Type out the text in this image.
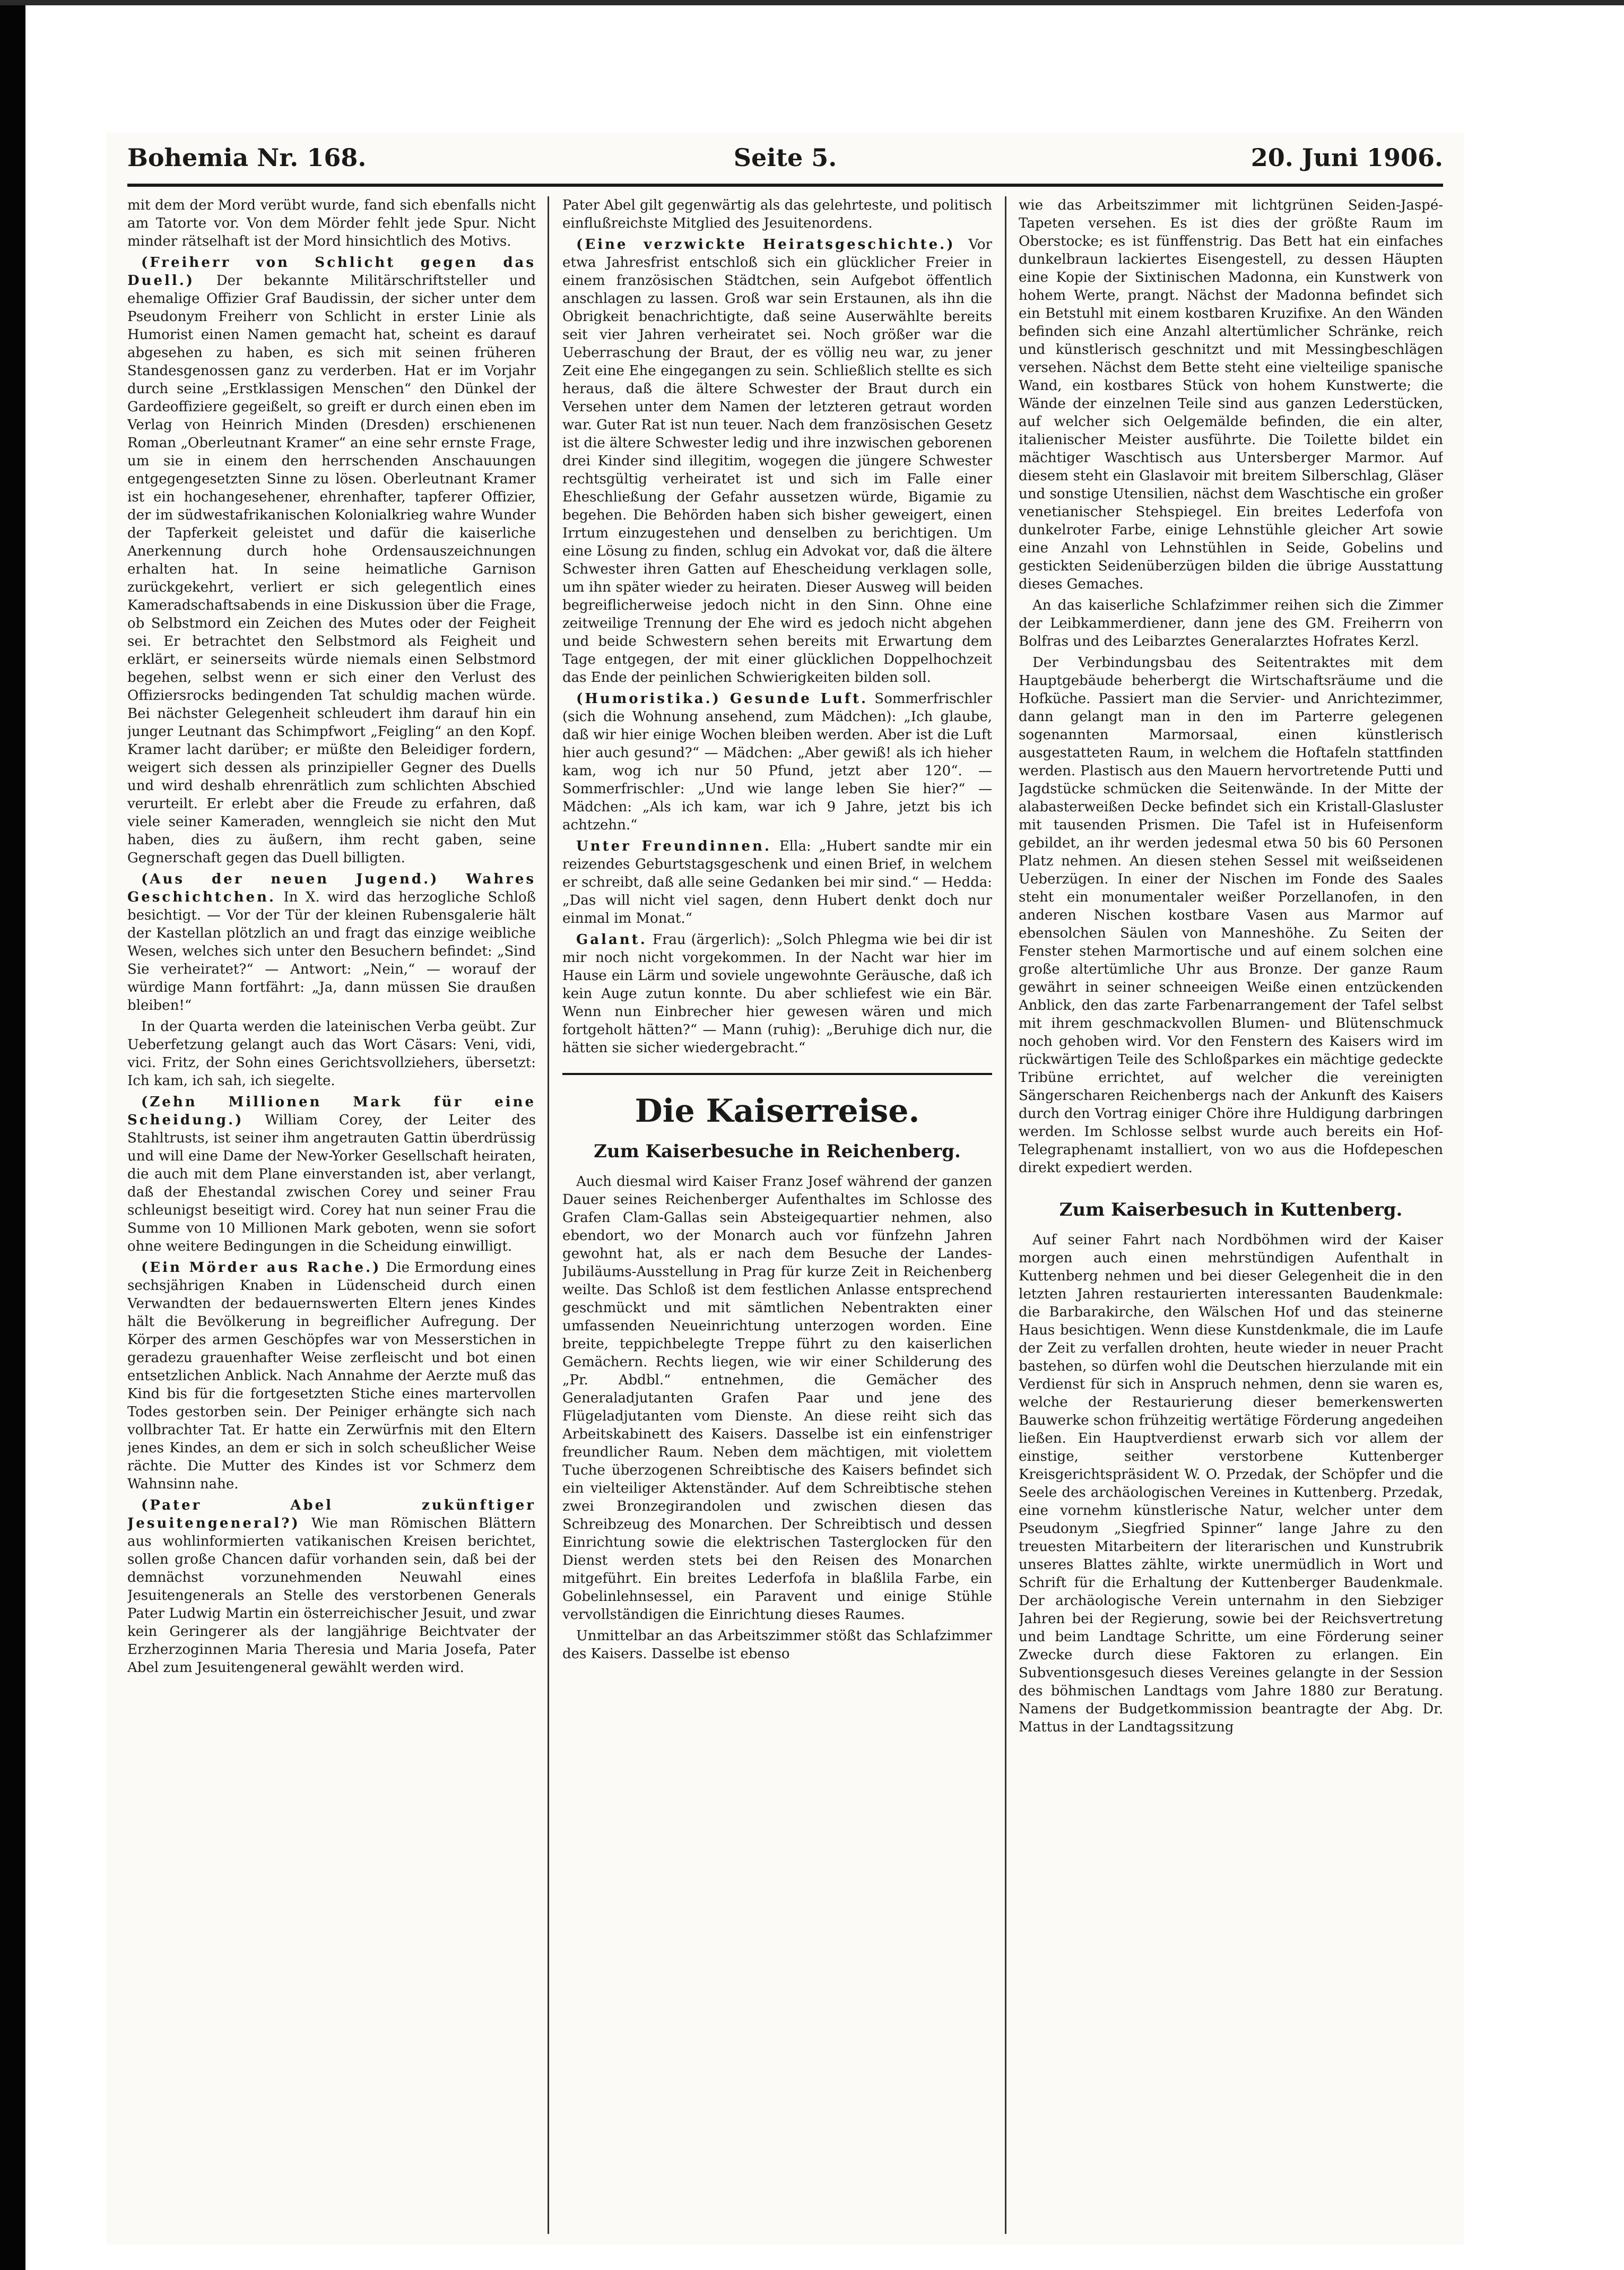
Bohemia Nr. 168.	Seite 5.	20. Juni 1906.

mit dem der Mord verübt wurde, fand sich ebenfalls nicht am Tatorte vor. Von dem Mörder fehlt jede Spur. Nicht minder rätselhaft ist der Mord hinsichtlich des Motivs.

(Freiherr von Schlicht gegen das Duell.) Der bekannte Militärschriftsteller und ehemalige Offizier Graf Baudissin, der sicher unter dem Pseudonym Freiherr von Schlicht in erster Linie als Humorist einen Namen gemacht hat, scheint es darauf abgesehen zu haben, es sich mit seinen früheren Standesgenossen ganz zu verderben. Hat er im Vorjahr durch seine „Erstklassigen Menschen“ den Dünkel der Gardeoffiziere gegeißelt, so greift er durch einen eben im Verlag von Heinrich Minden (Dresden) erschienenen Roman „Oberleutnant Kramer“ an eine sehr ernste Frage, um sie in einem den herrschenden Anschauungen entgegengesetzten Sinne zu lösen. Oberleutnant Kramer ist ein hochangesehener, ehrenhafter, tapferer Offizier, der im südwestafrikanischen Kolonialkrieg wahre Wunder der Tapferkeit geleistet und dafür die kaiserliche Anerkennung durch hohe Ordensauszeichnungen erhalten hat. In seine heimatliche Garnison zurückgekehrt, verliert er sich gelegentlich eines Kameradschaftsabends in eine Diskussion über die Frage, ob Selbstmord ein Zeichen des Mutes oder der Feigheit sei. Er betrachtet den Selbstmord als Feigheit und erklärt, er seinerseits würde niemals einen Selbstmord begehen, selbst wenn er sich einer den Verlust des Offiziersrocks bedingenden Tat schuldig machen würde. Bei nächster Gelegenheit schleudert ihm darauf hin ein junger Leutnant das Schimpfwort „Feigling“ an den Kopf. Kramer lacht darüber; er müßte den Beleidiger fordern, weigert sich dessen als prinzipieller Gegner des Duells und wird deshalb ehrenrätlich zum schlichten Abschied verurteilt. Er erlebt aber die Freude zu erfahren, daß viele seiner Kameraden, wenngleich sie nicht den Mut haben, dies zu äußern, ihm recht gaben, seine Gegnerschaft gegen das Duell billigten.

(Aus der neuen Jugend.) Wahres Geschichtchen. In X. wird das herzogliche Schloß besichtigt. — Vor der Tür der kleinen Rubensgalerie hält der Kastellan plötzlich an und fragt das einzige weibliche Wesen, welches sich unter den Besuchern befindet: „Sind Sie verheiratet?“ — Antwort: „Nein,“ — worauf der würdige Mann fortfährt: „Ja, dann müssen Sie draußen bleiben!“

In der Quarta werden die lateinischen Verba geübt. Zur Ueberfetzung gelangt auch das Wort Cäsars: Veni, vidi, vici. Fritz, der Sohn eines Gerichtsvollziehers, übersetzt: Ich kam, ich sah, ich siegelte.

(Zehn Millionen Mark für eine Scheidung.) William Corey, der Leiter des Stahltrusts, ist seiner ihm angetrauten Gattin überdrüssig und will eine Dame der New-Yorker Gesellschaft heiraten, die auch mit dem Plane einverstanden ist, aber verlangt, daß der Ehestandal zwischen Corey und seiner Frau schleunigst beseitigt wird. Corey hat nun seiner Frau die Summe von 10 Millionen Mark geboten, wenn sie sofort ohne weitere Bedingungen in die Scheidung einwilligt.

(Ein Mörder aus Rache.) Die Ermordung eines sechsjährigen Knaben in Lüdenscheid durch einen Verwandten der bedauernswerten Eltern jenes Kindes hält die Bevölkerung in begreiflicher Aufregung. Der Körper des armen Geschöpfes war von Messerstichen in geradezu grauenhafter Weise zerfleischt und bot einen entsetzlichen Anblick. Nach Annahme der Aerzte muß das Kind bis für die fortgesetzten Stiche eines martervollen Todes gestorben sein. Der Peiniger erhängte sich nach vollbrachter Tat. Er hatte ein Zerwürfnis mit den Eltern jenes Kindes, an dem er sich in solch scheußlicher Weise rächte. Die Mutter des Kindes ist vor Schmerz dem Wahnsinn nahe.

(Pater Abel zukünftiger Jesuitengeneral?) Wie man Römischen Blättern aus wohlinformierten vatikanischen Kreisen berichtet, sollen große Chancen dafür vorhanden sein, daß bei der demnächst vorzunehmenden Neuwahl eines Jesuitengenerals an Stelle des verstorbenen Generals Pater Ludwig Martin ein österreichischer Jesuit, und zwar kein Geringerer als der langjährige Beichtvater der Erzherzoginnen Maria Theresia und Maria Josefa, Pater Abel zum Jesuitengeneral gewählt werden wird.

Pater Abel gilt gegenwärtig als das gelehrteste, und politisch einflußreichste Mitglied des Jesuitenordens.

(Eine verzwickte Heiratsgeschichte.) Vor etwa Jahresfrist entschloß sich ein glücklicher Freier in einem französischen Städtchen, sein Aufgebot öffentlich anschlagen zu lassen. Groß war sein Erstaunen, als ihn die Obrigkeit benachrichtigte, daß seine Auserwählte bereits seit vier Jahren verheiratet sei. Noch größer war die Ueberraschung der Braut, der es völlig neu war, zu jener Zeit eine Ehe eingegangen zu sein. Schließlich stellte es sich heraus, daß die ältere Schwester der Braut durch ein Versehen unter dem Namen der letzteren getraut worden war. Guter Rat ist nun teuer. Nach dem französischen Gesetz ist die ältere Schwester ledig und ihre inzwischen geborenen drei Kinder sind illegitim, wogegen die jüngere Schwester rechtsgültig verheiratet ist und sich im Falle einer Eheschließung der Gefahr aussetzen würde, Bigamie zu begehen. Die Behörden haben sich bisher geweigert, einen Irrtum einzugestehen und denselben zu berichtigen. Um eine Lösung zu finden, schlug ein Advokat vor, daß die ältere Schwester ihren Gatten auf Ehescheidung verklagen solle, um ihn später wieder zu heiraten. Dieser Ausweg will beiden begreiflicherweise jedoch nicht in den Sinn. Ohne eine zeitweilige Trennung der Ehe wird es jedoch nicht abgehen und beide Schwestern sehen bereits mit Erwartung dem Tage entgegen, der mit einer glücklichen Doppelhochzeit das Ende der peinlichen Schwierigkeiten bilden soll.

(Humoristika.) Gesunde Luft. Sommerfrischler (sich die Wohnung ansehend, zum Mädchen): „Ich glaube, daß wir hier einige Wochen bleiben werden. Aber ist die Luft hier auch gesund?“ — Mädchen: „Aber gewiß! als ich hieher kam, wog ich nur 50 Pfund, jetzt aber 120“. — Sommerfrischler: „Und wie lange leben Sie hier?“ — Mädchen: „Als ich kam, war ich 9 Jahre, jetzt bis ich achtzehn.“

Unter Freundinnen. Ella: „Hubert sandte mir ein reizendes Geburtstagsgeschenk und einen Brief, in welchem er schreibt, daß alle seine Gedanken bei mir sind.“ — Hedda: „Das will nicht viel sagen, denn Hubert denkt doch nur einmal im Monat.“

Galant. Frau (ärgerlich): „Solch Phlegma wie bei dir ist mir noch nicht vorgekommen. In der Nacht war hier im Hause ein Lärm und soviele ungewohnte Geräusche, daß ich kein Auge zutun konnte. Du aber schliefest wie ein Bär. Wenn nun Einbrecher hier gewesen wären und mich fortgeholt hätten?“ — Mann (ruhig): „Beruhige dich nur, die hätten sie sicher wiedergebracht.“

Die Kaiserreise.
Zum Kaiserbesuche in Reichenberg.

Auch diesmal wird Kaiser Franz Josef während der ganzen Dauer seines Reichenberger Aufenthaltes im Schlosse des Grafen Clam-Gallas sein Absteigequartier nehmen, also ebendort, wo der Monarch auch vor fünfzehn Jahren gewohnt hat, als er nach dem Besuche der Landes-Jubiläums-Ausstellung in Prag für kurze Zeit in Reichenberg weilte. Das Schloß ist dem festlichen Anlasse entsprechend geschmückt und mit sämtlichen Nebentrakten einer umfassenden Neueinrichtung unterzogen worden. Eine breite, teppichbelegte Treppe führt zu den kaiserlichen Gemächern. Rechts liegen, wie wir einer Schilderung des „Pr. Abdbl.“ entnehmen, die Gemächer des Generaladjutanten Grafen Paar und jene des Flügeladjutanten vom Dienste. An diese reiht sich das Arbeitskabinett des Kaisers. Dasselbe ist ein einfenstriger freundlicher Raum. Neben dem mächtigen, mit violettem Tuche überzogenen Schreibtische des Kaisers befindet sich ein vielteiliger Aktenständer. Auf dem Schreibtische stehen zwei Bronzegirandolen und zwischen diesen das Schreibzeug des Monarchen. Der Schreibtisch und dessen Einrichtung sowie die elektrischen Tasterglocken für den Dienst werden stets bei den Reisen des Monarchen mitgeführt. Ein breites Lederfofa in blaßlila Farbe, ein Gobelinlehnsessel, ein Paravent und einige Stühle vervollständigen die Einrichtung dieses Raumes.

Unmittelbar an das Arbeitszimmer stößt das Schlafzimmer des Kaisers. Dasselbe ist ebenso

wie das Arbeitszimmer mit lichtgrünen Seiden-Jaspé-Tapeten versehen. Es ist dies der größte Raum im Oberstocke; es ist fünffenstrig. Das Bett hat ein einfaches dunkelbraun lackiertes Eisengestell, zu dessen Häupten eine Kopie der Sixtinischen Madonna, ein Kunstwerk von hohem Werte, prangt. Nächst der Madonna befindet sich ein Betstuhl mit einem kostbaren Kruzifixe. An den Wänden befinden sich eine Anzahl altertümlicher Schränke, reich und künstlerisch geschnitzt und mit Messingbeschlägen versehen. Nächst dem Bette steht eine vielteilige spanische Wand, ein kostbares Stück von hohem Kunstwerte; die Wände der einzelnen Teile sind aus ganzen Lederstücken, auf welcher sich Oelgemälde befinden, die ein alter, italienischer Meister ausführte. Die Toilette bildet ein mächtiger Waschtisch aus Untersberger Marmor. Auf diesem steht ein Glaslavoir mit breitem Silberschlag, Gläser und sonstige Utensilien, nächst dem Waschtische ein großer venetianischer Stehspiegel. Ein breites Lederfofa von dunkelroter Farbe, einige Lehnstühle gleicher Art sowie eine Anzahl von Lehnstühlen in Seide, Gobelins und gestickten Seidenüberzügen bilden die übrige Ausstattung dieses Gemaches.

An das kaiserliche Schlafzimmer reihen sich die Zimmer der Leibkammerdiener, dann jene des GM. Freiherrn von Bolfras und des Leibarztes Generalarztes Hofrates Kerzl.

Der Verbindungsbau des Seitentraktes mit dem Hauptgebäude beherbergt die Wirtschaftsräume und die Hofküche. Passiert man die Servier- und Anrichtezimmer, dann gelangt man in den im Parterre gelegenen sogenannten Marmorsaal, einen künstlerisch ausgestatteten Raum, in welchem die Hoftafeln stattfinden werden. Plastisch aus den Mauern hervortretende Putti und Jagdstücke schmücken die Seitenwände. In der Mitte der alabasterweißen Decke befindet sich ein Kristall-Glasluster mit tausenden Prismen. Die Tafel ist in Hufeisenform gebildet, an ihr werden jedesmal etwa 50 bis 60 Personen Platz nehmen. An diesen stehen Sessel mit weißseidenen Ueberzügen. In einer der Nischen im Fonde des Saales steht ein monumentaler weißer Porzellanofen, in den anderen Nischen kostbare Vasen aus Marmor auf ebensolchen Säulen von Manneshöhe. Zu Seiten der Fenster stehen Marmortische und auf einem solchen eine große altertümliche Uhr aus Bronze. Der ganze Raum gewährt in seiner schneeigen Weiße einen entzückenden Anblick, den das zarte Farbenarrangement der Tafel selbst mit ihrem geschmackvollen Blumen- und Blütenschmuck noch gehoben wird. Vor den Fenstern des Kaisers wird im rückwärtigen Teile des Schloßparkes ein mächtige gedeckte Tribüne errichtet, auf welcher die vereinigten Sängerscharen Reichenbergs nach der Ankunft des Kaisers durch den Vortrag einiger Chöre ihre Huldigung darbringen werden. Im Schlosse selbst wurde auch bereits ein Hof-Telegraphenamt installiert, von wo aus die Hofdepeschen direkt expediert werden.

Zum Kaiserbesuch in Kuttenberg.

Auf seiner Fahrt nach Nordböhmen wird der Kaiser morgen auch einen mehrstündigen Aufenthalt in Kuttenberg nehmen und bei dieser Gelegenheit die in den letzten Jahren restaurierten interessanten Baudenkmale: die Barbarakirche, den Wälschen Hof und das steinerne Haus besichtigen. Wenn diese Kunstdenkmale, die im Laufe der Zeit zu verfallen drohten, heute wieder in neuer Pracht bastehen, so dürfen wohl die Deutschen hierzulande mit ein Verdienst für sich in Anspruch nehmen, denn sie waren es, welche der Restaurierung dieser bemerkenswerten Bauwerke schon frühzeitig wertätige Förderung angedeihen ließen. Ein Hauptverdienst erwarb sich vor allem der einstige, seither verstorbene Kuttenberger Kreisgerichtspräsident W. O. Przedak, der Schöpfer und die Seele des archäologischen Vereines in Kuttenberg. Przedak, eine vornehm künstlerische Natur, welcher unter dem Pseudonym „Siegfried Spinner“ lange Jahre zu den treuesten Mitarbeitern der literarischen und Kunstrubrik unseres Blattes zählte, wirkte unermüdlich in Wort und Schrift für die Erhaltung der Kuttenberger Baudenkmale. Der archäologische Verein unternahm in den Siebziger Jahren bei der Regierung, sowie bei der Reichsvertretung und beim Landtage Schritte, um eine Förderung seiner Zwecke durch diese Faktoren zu erlangen. Ein Subventionsgesuch dieses Vereines gelangte in der Session des böhmischen Landtags vom Jahre 1880 zur Beratung. Namens der Budgetkommission beantragte der Abg. Dr. Mattus in der Landtagssitzung
